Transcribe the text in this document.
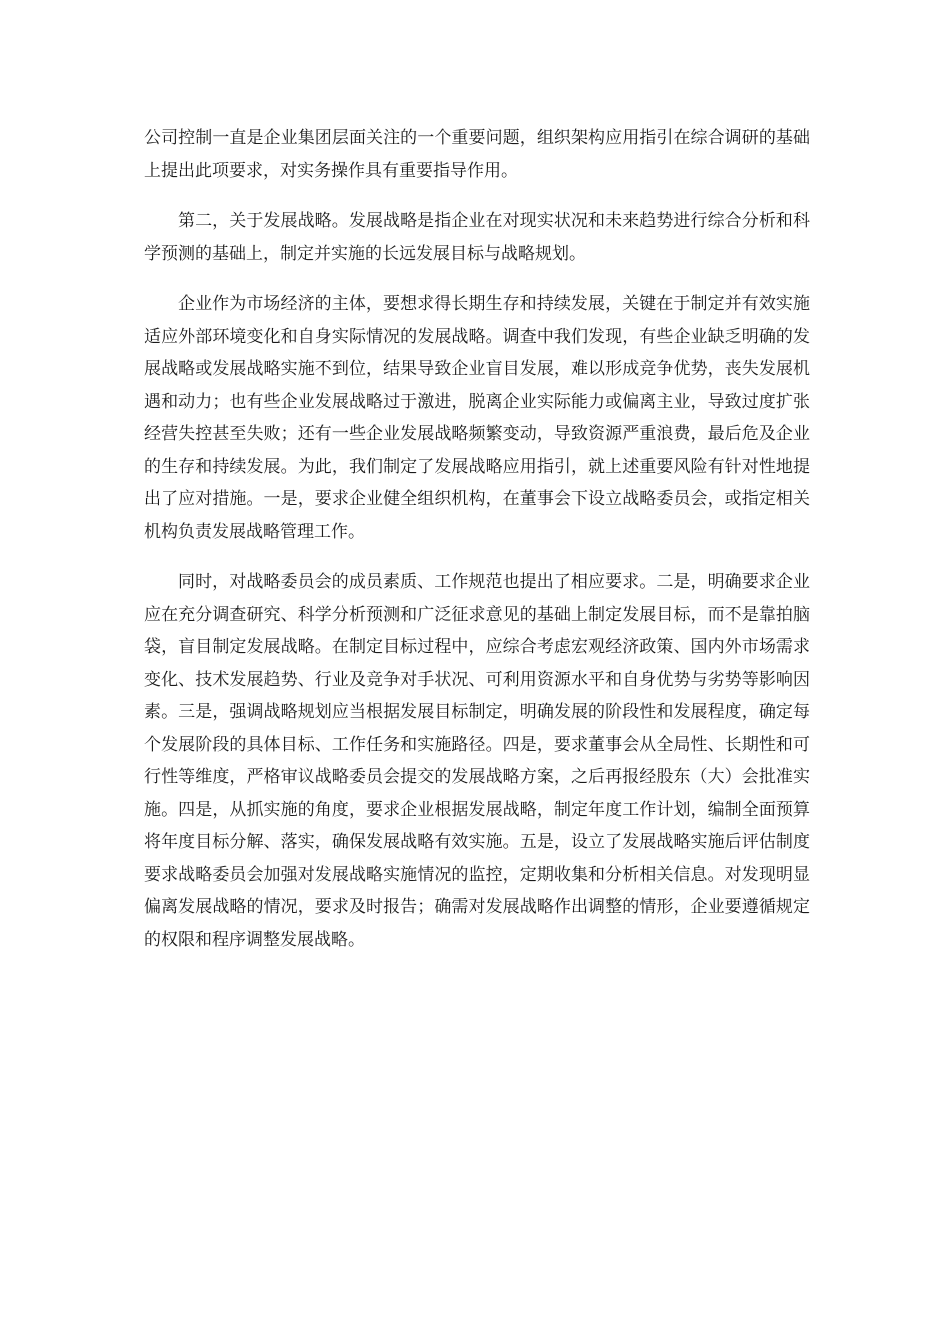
公司控制一直是企业集团层面关注的一个重要问题，组织架构应用指引在综合调研的基础上提出此项要求，对实务操作具有重要指导作用。

第二，关于发展战略。发展战略是指企业在对现实状况和未来趋势进行综合分析和科学预测的基础上，制定并实施的长远发展目标与战略规划。

企业作为市场经济的主体，要想求得长期生存和持续发展，关键在于制定并有效实施适应外部环境变化和自身实际情况的发展战略。调查中我们发现，有些企业缺乏明确的发展战略或发展战略实施不到位，结果导致企业盲目发展，难以形成竞争优势，丧失发展机遇和动力；也有些企业发展战略过于激进，脱离企业实际能力或偏离主业，导致过度扩张经营失控甚至失败；还有一些企业发展战略频繁变动，导致资源严重浪费，最后危及企业的生存和持续发展。为此，我们制定了发展战略应用指引，就上述重要风险有针对性地提出了应对措施。一是，要求企业健全组织机构，在董事会下设立战略委员会，或指定相关机构负责发展战略管理工作。

同时，对战略委员会的成员素质、工作规范也提出了相应要求。二是，明确要求企业应在充分调查研究、科学分析预测和广泛征求意见的基础上制定发展目标，而不是靠拍脑袋，盲目制定发展战略。在制定目标过程中，应综合考虑宏观经济政策、国内外市场需求变化、技术发展趋势、行业及竞争对手状况、可利用资源水平和自身优势与劣势等影响因素。三是，强调战略规划应当根据发展目标制定，明确发展的阶段性和发展程度，确定每个发展阶段的具体目标、工作任务和实施路径。四是，要求董事会从全局性、长期性和可行性等维度，严格审议战略委员会提交的发展战略方案，之后再报经股东（大）会批准实施。四是，从抓实施的角度，要求企业根据发展战略，制定年度工作计划，编制全面预算将年度目标分解、落实，确保发展战略有效实施。五是，设立了发展战略实施后评估制度要求战略委员会加强对发展战略实施情况的监控，定期收集和分析相关信息。对发现明显偏离发展战略的情况，要求及时报告；确需对发展战略作出调整的情形，企业要遵循规定的权限和程序调整发展战略。
